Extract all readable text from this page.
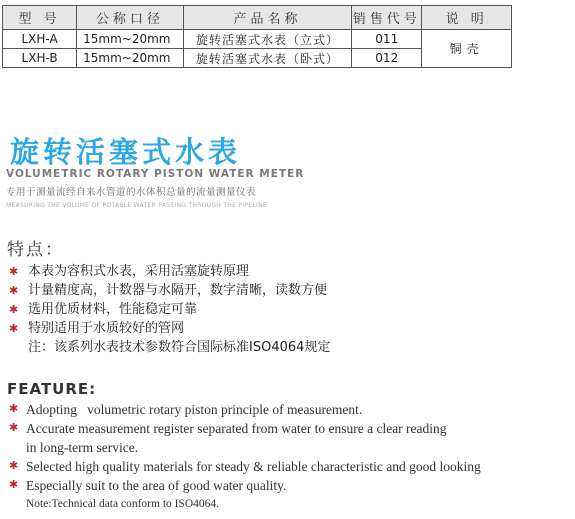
型 号	公称口径	产品名称	销售代号	说 明
LXH-A	15mm~20mm	旋转活塞式水表（立式）	011	铜壳
LXH-B	15mm~20mm	旋转活塞式水表（卧式）	012	
旋转活塞式水表
VOLUMETRIC ROTARY PISTON WATER METER
专用于测量流经自来水管道的水体积总量的流量测量仪表
MEASURING THE VOLUME OF POTABLE WATER PASSING THROUGH THE PIPELINE
特点：
✱ 本表为容积式水表，采用活塞旋转原理
✱ 计量精度高，计数器与水隔开，数字清晰，读数方便
✱ 选用优质材料，性能稳定可靠
✱ 特别适用于水质较好的管网
注：该系列水表技术参数符合国际标准ISO4064规定
FEATURE:
✱ Adopting   volumetric rotary piston principle of measurement.
✱ Accurate measurement register separated from water to ensure a clear reading
in long-term service.
✱ Selected high quality materials for steady & reliable characteristic and good looking
✱ Especially suit to the area of good water quality.
Note:Technical data conform to ISO4064.
